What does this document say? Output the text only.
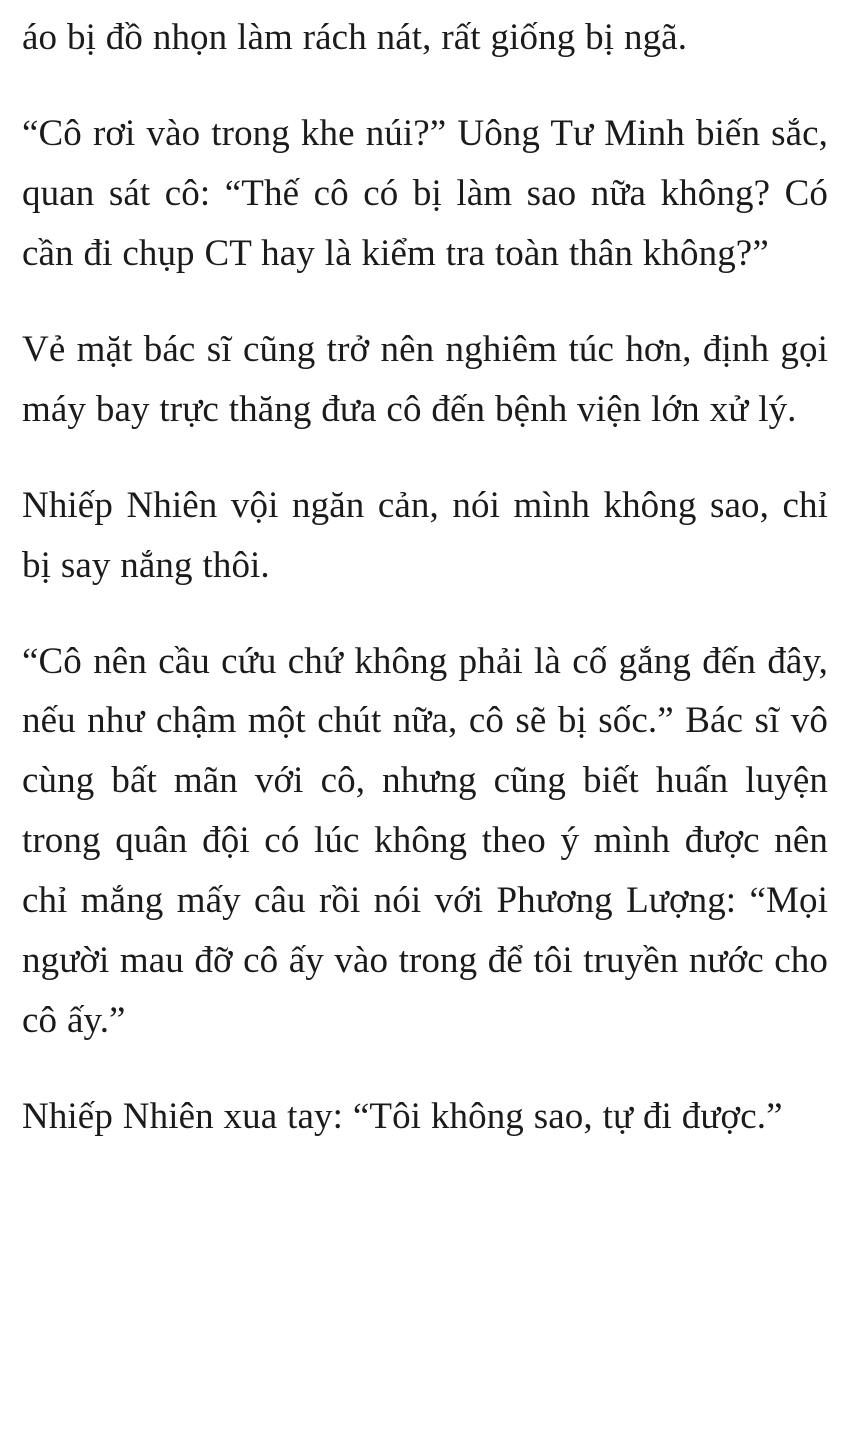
áo bị đồ nhọn làm rách nát, rất giống bị ngã.

“Cô rơi vào trong khe núi?” Uông Tư Minh biến sắc, quan sát cô: “Thế cô có bị làm sao nữa không? Có cần đi chụp CT hay là kiểm tra toàn thân không?”

Vẻ mặt bác sĩ cũng trở nên nghiêm túc hơn, định gọi máy bay trực thăng đưa cô đến bệnh viện lớn xử lý.

Nhiếp Nhiên vội ngăn cản, nói mình không sao, chỉ bị say nắng thôi.

“Cô nên cầu cứu chứ không phải là cố gắng đến đây, nếu như chậm một chút nữa, cô sẽ bị sốc.” Bác sĩ vô cùng bất mãn với cô, nhưng cũng biết huấn luyện trong quân đội có lúc không theo ý mình được nên chỉ mắng mấy câu rồi nói với Phương Lượng: “Mọi người mau đỡ cô ấy vào trong để tôi truyền nước cho cô ấy.”

Nhiếp Nhiên xua tay: “Tôi không sao, tự đi được.”
